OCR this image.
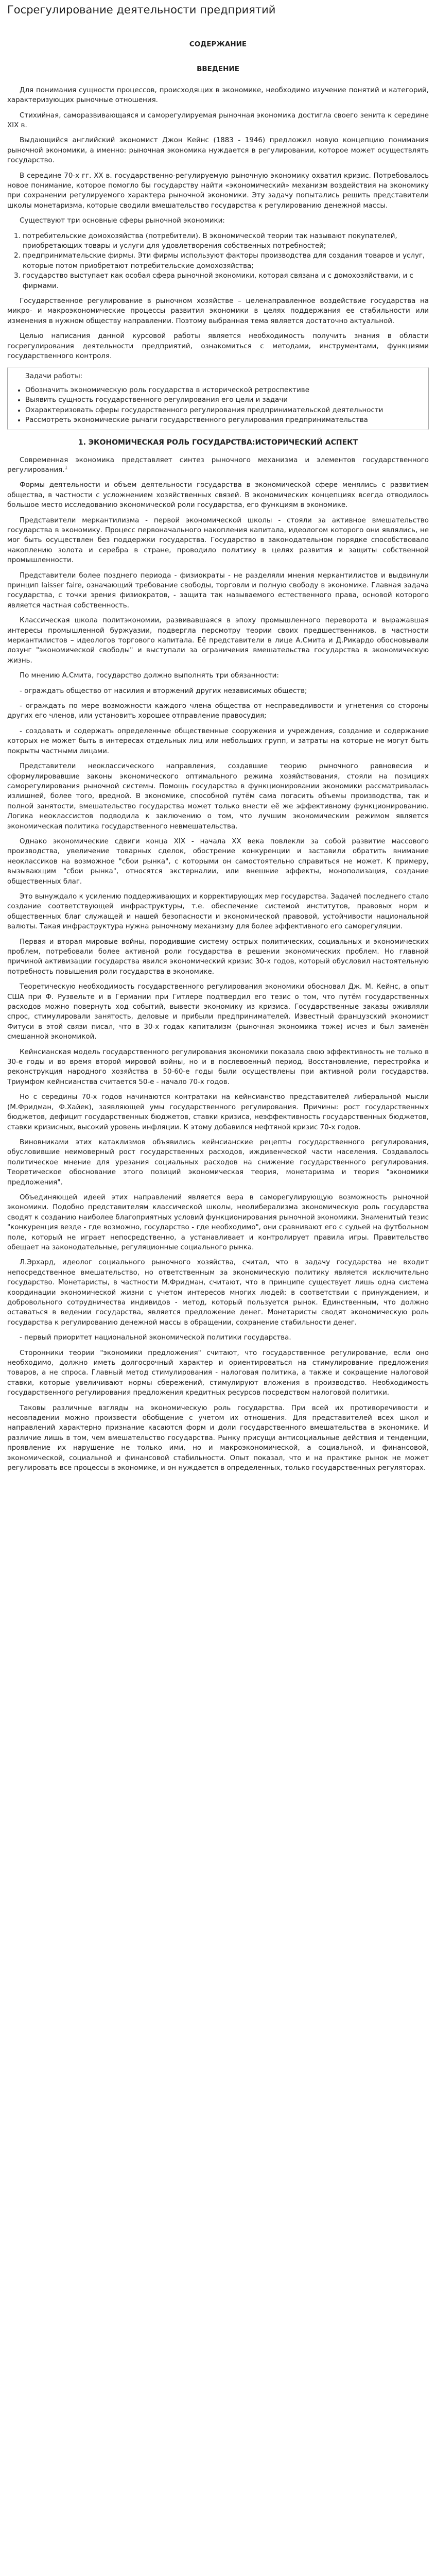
Госрегулирование деятельности предприятий

СОДЕРЖАНИЕ

ВВЕДЕНИЕ

Для понимания сущности процессов, происходящих в экономике, необходимо изучение понятий и категорий, характеризующих рыночные отношения.

Стихийная, саморазвивающаяся и саморегулируемая рыночная экономика достигла своего зенита к середине XIX в.

Выдающийся английский экономист Джон Кейнс (1883 - 1946) предложил новую концепцию понимания рыночной экономики, а именно: рыночная экономика нуждается в регулировании, которое может осуществлять государство.

В середине 70-х гг. XX в. государственно-регулируемую рыночную экономику охватил кризис. Потребовалось новое понимание, которое помогло бы государству найти «экономический» механизм воздействия на экономику при сохранении регулируемого характера рыночной экономики. Эту задачу попытались решить представители школы монетаризма, которые сводили вмешательство государства к регулированию денежной массы.

Существуют три основные сферы рыночной экономики:

1. потребительские домохозяйства (потребители). В экономической теории так называют покупателей, приобретающих товары и услуги для удовлетворения собственных потребностей;
2. предпринимательские фирмы. Эти фирмы используют факторы производства для создания товаров и услуг, которые потом приобретают потребительские домохозяйства;
3. государство выступает как особая сфера рыночной экономики, которая связана и с домохозяйствами, и с фирмами.

Государственное регулирование в рыночном хозяйстве – целенаправленное воздействие государства на микро- и макроэкономические процессы развития экономики в целях поддержания ее стабильности или изменения в нужном обществу направлении. Поэтому выбранная тема является достаточно актуальной.

Целью написания данной курсовой работы является необходимость получить знания в области госрегулирования деятельности предприятий, ознакомиться с методами, инструментами, функциями государственного контроля.

Задачи работы:

• Обозначить экономическую роль государства в исторической ретроспективе
• Выявить сущность государственного регулирования его цели и задачи
• Охарактеризовать сферы государственного регулирования предпринимательской деятельности
• Рассмотреть экономические рычаги государственного регулирования предпринимательства

1. ЭКОНОМИЧЕСКАЯ РОЛЬ ГОСУДАРСТВА:ИСТОРИЧЕСКИЙ АСПЕКТ

Современная экономика представляет синтез рыночного механизма и элементов государственного регулирования.$^1$

Формы деятельности и объем деятельности государства в экономической сфере менялись с развитием общества, в частности с усложнением хозяйственных связей. В экономических концепциях всегда отводилось большое место исследованию экономической роли государства, его функциям в экономике.

Представители меркантилизма - первой экономической школы - стояли за активное вмешательство государства в экономику. Процесс первоначального накопления капитала, идеологом которого они являлись, не мог быть осуществлен без поддержки государства. Государство в законодательном порядке способствовало накоплению золота и серебра в стране, проводило политику в целях развития и защиты собственной промышленности.

Представители более позднего периода - физиократы - не разделяли мнения меркантилистов и выдвинули принцип laisser faire, означающий требование свободы, торговли и полную свободу в экономике. Главная задача государства, с точки зрения физиократов, - защита так называемого естественного права, основой которого является частная собственность.

Классическая школа политэкономии, развивавшаяся в эпоху промышленного переворота и выражавшая интересы промышленной буржуазии, подвергла персмотру теории своих предшественников, в частности меркантилистов – идеологов торгового капитала. Её представители в лице А.Смита и Д.Рикардо обосновывали лозунг "экономической свободы" и выступали за ограничения вмешательства государства в экономическую жизнь.

По мнению А.Смита, государство должно выполнять три обязанности:

- ограждать общество от насилия и вторжений других независимых обществ;

- ограждать по мере возможности каждого члена общества от несправедливости и угнетения со стороны других его членов, или установить хорошее отправление правосудия;

- создавать и содержать определенные общественные сооружения и учреждения, создание и содержание которых не может быть в интересах отдельных лиц или небольших групп, и затраты на которые не могут быть покрыты частными лицами.

Представители неоклассического направления, создавшие теорию рыночного равновесия и сформулировавшие законы экономического оптимального режима хозяйствования, стояли на позициях саморегулирования рыночной системы. Помощь государства в функционировании экономики рассматривалась излишней, более того, вредной. В экономике, способной путём сама погасить объемы производства, так и полной занятости, вмешательство государства может только внести её же эффективному функционированию. Логика неоклассистов подводила к заключению о том, что лучшим экономическим режимом является экономическая политика государственного невмешательства.

Однако экономические сдвиги конца XIX - начала XX века повлекли за собой развитие массового производства, увеличение товарных сделок, обострение конкуренции и заставили обратить внимание неоклассиков на возможное "сбои рынка", с которыми он самостоятельно справиться не может. К примеру, вызывающим "сбои рынка", относятся экстерналии, или внешние эффекты, монополизация, создание общественных благ.

Это вынуждало к усилению поддерживающих и корректирующих мер государства. Задачей последнего стало создание соответствующей инфраструктуры, т.е. обеспечение системой институтов, правовых норм и общественных благ служащей и нашей безопасности и экономической правовой, устойчивости национальной валюты. Такая инфраструктура нужна рыночному механизму для более эффективного его саморегуляции.

Первая и вторая мировые войны, породившие систему острых политических, социальных и экономических проблем, потребовали более активной роли государства в решении экономических проблем. Но главной причиной активизации государства явился экономический кризис 30-х годов, который обусловил настоятельную потребность повышения роли государства в экономике.

Теоретическую необходимость государственного регулирования экономики обосновал Дж. М. Кейнс, а опыт США при Ф. Рузвельте и в Германии при Гитлере подтвердил его тезис о том, что путём государственных расходов можно повернуть ход событий, вывести экономику из кризиса. Государственные заказы оживляли спрос, стимулировали занятость, деловые и прибыли предпринимателей. Известный французский экономист Фитуси в этой связи писал, что в 30-х годах капитализм (рыночная экономика тоже) исчез и был заменён смешанной экономикой.

Кейнсианская модель государственного регулирования экономики показала свою эффективность не только в 30-е годы и во время второй мировой войны, но и в послевоенный период. Восстановление, перестройка и реконструкция народного хозяйства в 50-60-е годы были осуществлены при активной роли государства. Триумфом кейнсианства считается 50-е - начало 70-х годов.

Но с середины 70-х годов начинаются контратаки на кейнсианство представителей либеральной мысли (М.Фридман, Ф.Хайек), заявляющей умы государственного регулирования. Причины: рост государственных бюджетов, дефицит государственных бюджетов, ставки кризиса, неэффективность государственных бюджетов, ставки кризисных, высокий уровень инфляции. К этому добавился нефтяной кризис 70-х годов.

Виновниками этих катаклизмов объявились кейнсианские рецепты государственного регулирования, обусловившие неимоверный рост государственных расходов, иждивенческой части населения. Создавалось политическое мнение для урезания социальных расходов на снижение государственного регулирования. Теоретическое обоснование этого позиций экономическая теория, монетаризма и теория "экономики предложения".

Объединяющей идеей этих направлений является вера в саморегулирующую возможность рыночной экономики. Подобно представителям классической школы, неолиберализма экономическую роль государства сводят к созданию наиболее благоприятных условий функционирования рыночной экономики. Знаменитый тезис "конкуренция везде - где возможно, государство - где необходимо", они сравнивают его с судьей на футбольном поле, который не играет непосредственно, а устанавливает и контролирует правила игры. Правительство обещает на законодательные, регуляционные социального рынка.

Л.Эрхард, идеолог социального рыночного хозяйства, считал, что в задачу государства не входит непосредственное вмешательство, но ответственным за экономическую политику является исключительно государство. Монетаристы, в частности М.Фридман, считают, что в принципе существует лишь одна система координации экономической жизни с учетом интересов многих людей: в соответствии с принуждением, и добровольного сотрудничества индивидов - метод, который пользуется рынок. Единственным, что должно оставаться в ведении государства, является предложение денег. Монетаристы сводят экономическую роль государства к регулированию денежной массы в обращении, сохранение стабильности денег.

- первый приоритет национальной экономической политики государства.

Сторонники теории "экономики предложения" считают, что государственное регулирование, если оно необходимо, должно иметь долгосрочный характер и ориентироваться на стимулирование предложения товаров, а не спроса. Главный метод стимулирования - налоговая политика, а также и сокращение налоговой ставки, которые увеличивают нормы сбережений, стимулируют вложения в производство. Необходимость государственного регулирования предложения кредитных ресурсов посредством налоговой политики.

Таковы различные взгляды на экономическую роль государства. При всей их противоречивости и несовпадении можно произвести обобщение с учетом их отношения. Для представителей всех школ и направлений характерно признание касаются форм и доли государственного вмешательства в экономике. И различие лишь в том, чем вмешательство государства. Рынку присущи антисоциальные действия и тенденции, проявление их нарушение не только ими, но и макроэкономической, а социальной, и финансовой, экономической, социальной и финансовой стабильности. Опыт показал, что и на практике рынок не может регулировать все процессы в экономике, и он нуждается в определенных, только государственных регуляторах.
